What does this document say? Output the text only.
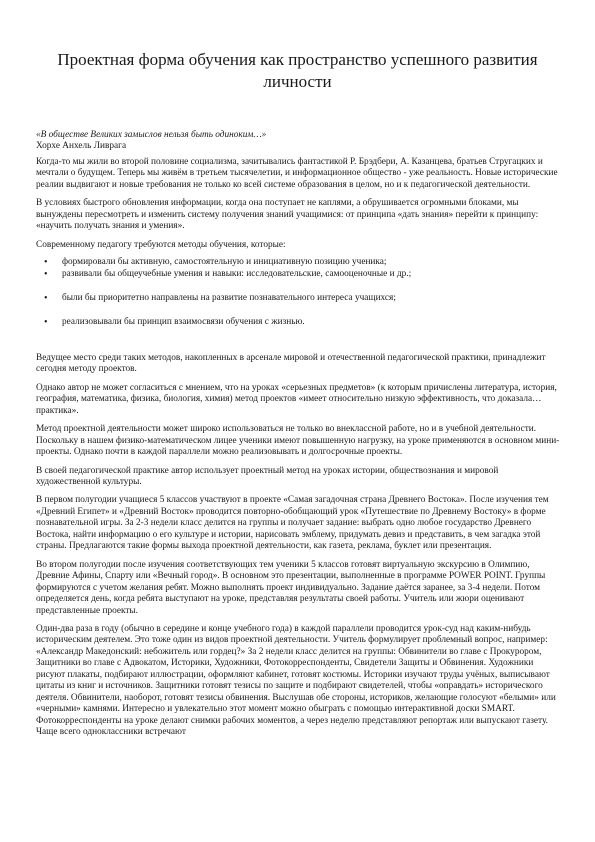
Проектная форма обучения как пространство успешного развития личности

«В обществе Великих замыслов нельзя быть одиноким…»

Хорхе Анхель Ливрага

Когда-то мы жили во второй половине социализма, зачитывались фантастикой Р. Брэдбери, А. Казанцева, братьев Стругацких и мечтали о будущем. Теперь мы живём в третьем тысячелетии, и информационное общество - уже реальность. Новые исторические реалии выдвигают и новые требования не только ко всей системе образования в целом, но и к педагогической деятельности.

В условиях быстрого обновления информации, когда она поступает не каплями, а обрушивается огромными блоками, мы вынуждены пересмотреть и изменить систему получения знаний учащимися: от принципа «дать знания» перейти к принципу: «научить получать знания и умения».

Современному педагогу требуются методы обучения, которые:

• формировали бы активную, самостоятельную и инициативную позицию ученика;
• развивали бы общеучебные умения и навыки: исследовательские, самооценочные и др.;
• были бы приоритетно направлены на развитие познавательного интереса учащихся;
• реализовывали бы принцип взаимосвязи обучения с жизнью.

Ведущее место среди таких методов, накопленных в арсенале мировой и отечественной педагогической практики, принадлежит сегодня методу проектов.

Однако автор не может согласиться с мнением, что на уроках «серьезных предметов» (к которым причислены литература, история, география, математика, физика, биология, химия) метод проектов «имеет относительно низкую эффективность, что доказала…практика».

Метод проектной деятельности может широко использоваться не только во внеклассной работе, но и в учебной деятельности. Поскольку в нашем физико-математическом лицее ученики имеют повышенную нагрузку, на уроке применяются в основном мини-проекты. Однако почти в каждой параллели можно реализовывать и долгосрочные проекты.

В своей педагогической практике автор использует проектный метод на уроках истории, обществознания и мировой художественной культуры.

В первом полугодии учащиеся 5 классов участвуют в проекте «Самая загадочная страна Древнего Востока». После изучения тем «Древний Египет» и «Древний Восток» проводится повторно-обобщающий урок «Путешествие по Древнему Востоку» в форме познавательной игры. За 2-3 недели класс делится на группы и получает задание: выбрать одно любое государство Древнего Востока, найти информацию о его культуре и истории, нарисовать эмблему, придумать девиз и представить, в чем загадка этой страны. Предлагаются такие формы выхода проектной деятельности, как газета, реклама, буклет или презентация.

Во втором полугодии после изучения соответствующих тем ученики 5 классов готовят виртуальную экскурсию в Олимпию, Древние Афины, Спарту или «Вечный город». В основном это презентации, выполненные в программе POWER POINT. Группы формируются с учетом желания ребят. Можно выполнять проект индивидуально. Задание даётся заранее, за 3-4 недели. Потом определяется день, когда ребята выступают на уроке, представляя результаты своей работы. Учитель или жюри оценивают представленные проекты.

Один-два раза в году (обычно в середине и конце учебного года) в каждой параллели проводится урок-суд над каким-нибудь историческим деятелем. Это тоже один из видов проектной деятельности. Учитель формулирует проблемный вопрос, например: «Александр Македонский: небожитель или гордец?» За 2 недели класс делится на группы: Обвинители во главе с Прокурором, Защитники во главе с Адвокатом, Историки, Художники, Фотокорреспонденты, Свидетели Защиты и Обвинения. Художники рисуют плакаты, подбирают иллюстрации, оформляют кабинет, готовят костюмы. Историки изучают труды учёных, выписывают цитаты из книг и источников. Защитники готовят тезисы по защите и подбирают свидетелей, чтобы «оправдать» исторического деятеля. Обвинители, наоборот, готовят тезисы обвинения. Выслушав обе стороны, историков, желающие голосуют «белыми» или «черными» камнями. Интересно и увлекательно этот момент можно обыграть с помощью интерактивной доски SMART. Фотокорреспонденты на уроке делают снимки рабочих моментов, а через неделю представляют репортаж или выпускают газету. Чаще всего одноклассники встречают
